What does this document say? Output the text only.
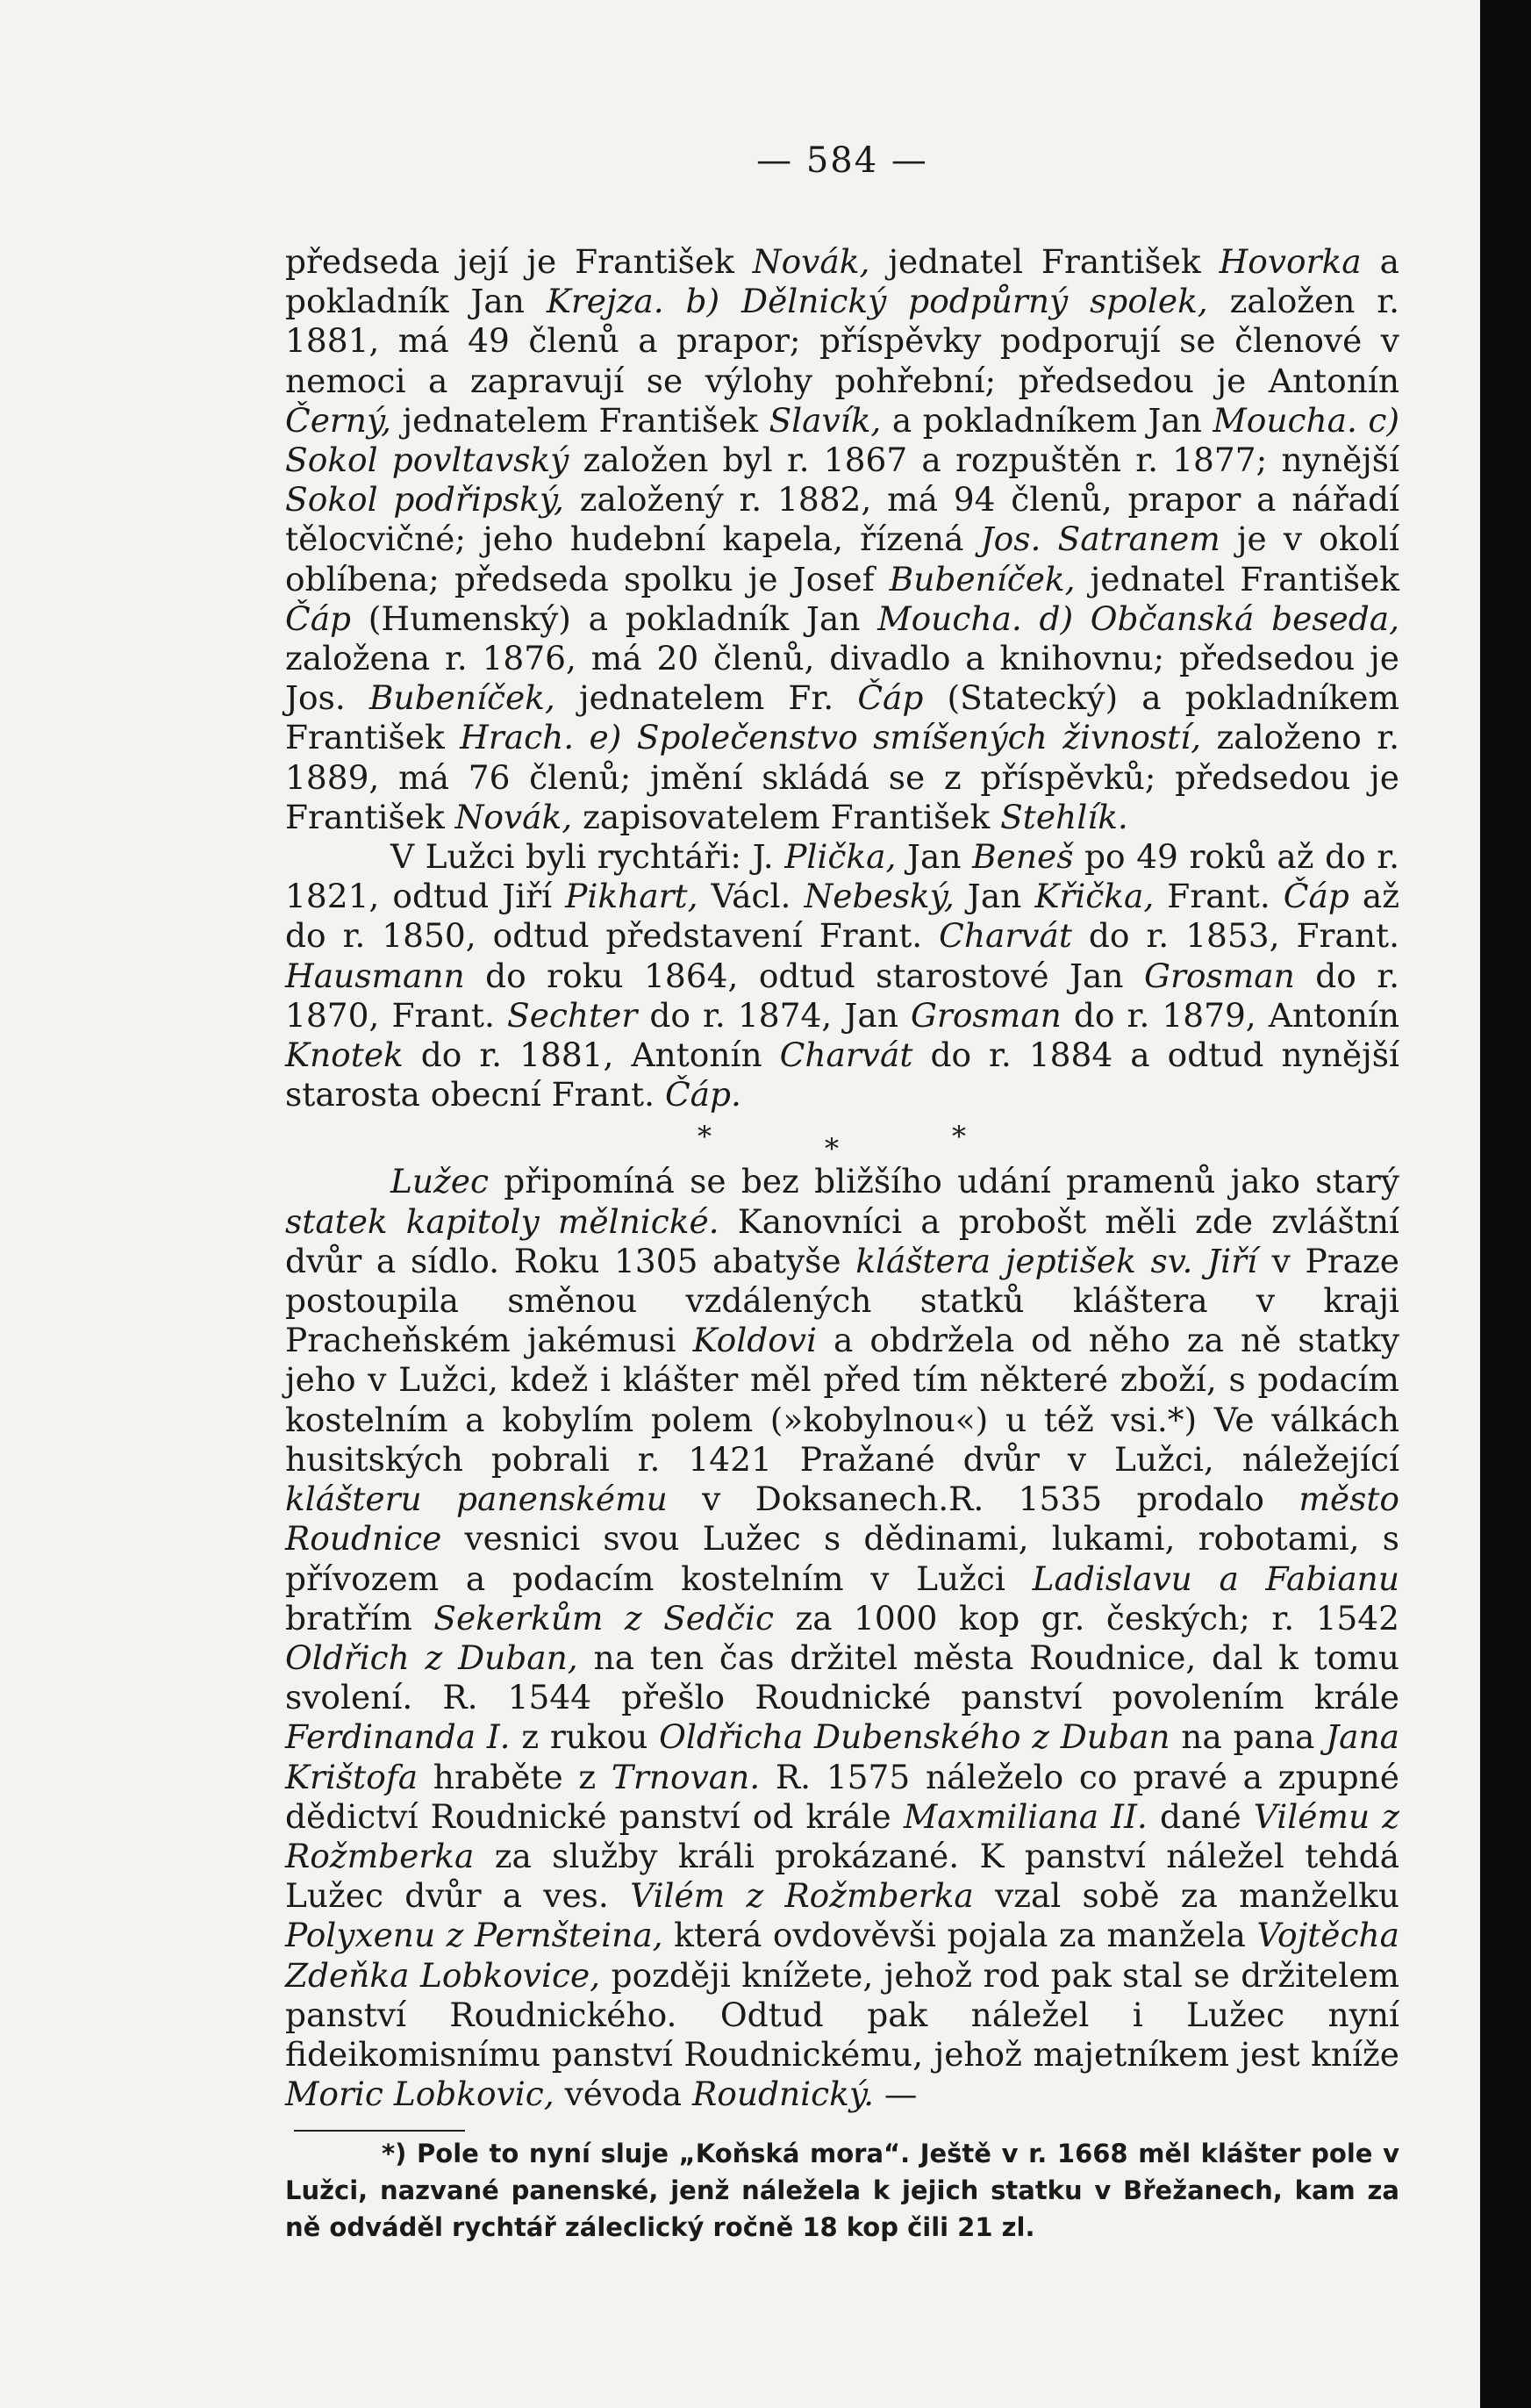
— 584 —

předseda její je František Novák, jednatel František Hovorka a pokladník Jan Krejza. b) Dělnický podpůrný spolek, založen r. 1881, má 49 členů a prapor; příspěvky podporují se členové v nemoci a zapravují se výlohy pohřební; předsedou je Antonín Černý, jednatelem František Slavík, a pokladníkem Jan Moucha. c) Sokol povltavský založen byl r. 1867 a rozpuštěn r. 1877; nynější Sokol podřipský, založený r. 1882, má 94 členů, prapor a nářadí tělocvičné; jeho hudební kapela, řízená Jos. Satranem je v okolí oblíbena; předseda spolku je Josef Bubeníček, jednatel František Čáp (Humenský) a pokladník Jan Moucha. d) Občanská beseda, založena r. 1876, má 20 členů, divadlo a knihovnu; předsedou je Jos. Bubeníček, jednatelem Fr. Čáp (Statecký) a pokladníkem František Hrach. e) Společenstvo smíšených živností, založeno r. 1889, má 76 členů; jmění skládá se z příspěvků; předsedou je František Novák, zapisovatelem František Stehlík.

V Lužci byli rychtáři: J. Plička, Jan Beneš po 49 roků až do r. 1821, odtud Jiří Pikhart, Václ. Nebeský, Jan Křička, Frant. Čáp až do r. 1850, odtud představení Frant. Charvát do r. 1853, Frant. Hausmann do roku 1864, odtud starostové Jan Grosman do r. 1870, Frant. Sechter do r. 1874, Jan Grosman do r. 1879, Antonín Knotek do r. 1881, Antonín Charvát do r. 1884 a odtud nynější starosta obecní Frant. Čáp.

*	*
*

Lužec připomíná se bez bližšího udání pramenů jako starý statek kapitoly mělnické. Kanovníci a probošt měli zde zvláštní dvůr a sídlo. Roku 1305 abatyše kláštera jeptišek sv. Jiří v Praze postoupila směnou vzdálených statků kláštera v kraji Pracheňském jakémusi Koldovi a obdržela od něho za ně statky jeho v Lužci, kdež i klášter měl před tím některé zboží, s podacím kostelním a kobylím polem (»kobylnou«) u též vsi.*) Ve válkách husitských pobrali r. 1421 Pražané dvůr v Lužci, náležející klášteru panenskému v Doksanech.R. 1535 prodalo město Roudnice vesnici svou Lužec s dědinami, lukami, robotami, s přívozem a podacím kostelním v Lužci Ladislavu a Fabianu bratřím Sekerkům z Sedčic za 1000 kop gr. českých; r. 1542 Oldřich z Duban, na ten čas držitel města Roudnice, dal k tomu svolení. R. 1544 přešlo Roudnické panství povolením krále Ferdinanda I. z rukou Oldřicha Dubenského z Duban na pana Jana Krištofa hraběte z Trnovan. R. 1575 náleželo co pravé a zpupné dědictví Roudnické panství od krále Maxmiliana II. dané Vilému z Rožmberka za služby králi prokázané. K panství náležel tehdá Lužec dvůr a ves. Vilém z Rožmberka vzal sobě za manželku Polyxenu z Pernšteina, která ovdověvši pojala za manžela Vojtěcha Zdeňka Lobkovice, později knížete, jehož rod pak stal se držitelem panství Roudnického. Odtud pak náležel i Lužec nyní fideikomisnímu panství Roudnickému, jehož majetníkem jest kníže Moric Lobkovic, vévoda Roudnický. —

*) Pole to nyní sluje „Koňská mora“. Ještě v r. 1668 měl klášter pole v Lužci, nazvané panenské, jenž náležela k jejich statku v Břežanech, kam za ně odváděl rychtář záleclický ročně 18 kop čili 21 zl.
